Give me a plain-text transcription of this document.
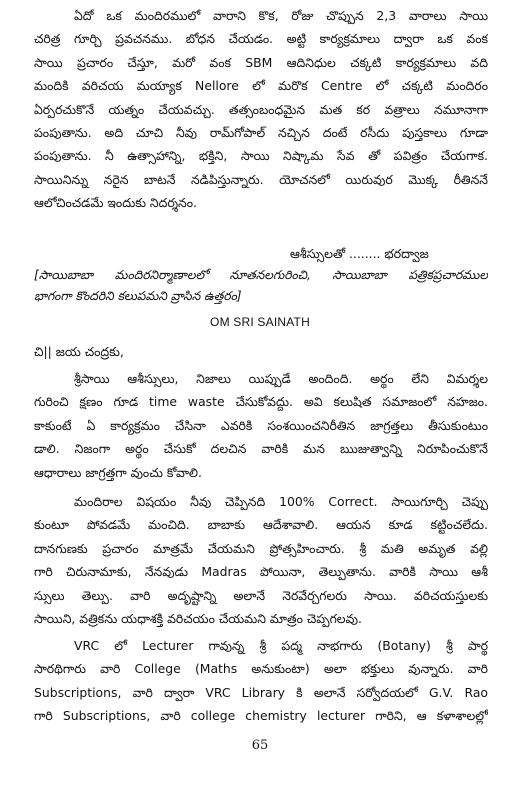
ఏదో ఒక మందిరములో వారాని కొక, రోజు చొప్పున 2,3 వారాలు సాయి
చరిత్ర గూర్చి ప్రవచనము. బోధన చేయడం. అట్టి కార్యక్రమాలు ద్వారా ఒక వంక
సాయి ప్రచారం చేస్తూ, మరో వంక SBM ఆదినిధుల చక్కటి కార్యక్రమాలు వది
మందికి వరిచయ మయ్యాక Nellore లో మరొక Centre లో చక్కటి మందిరం
ఏర్పరచుకొనే యత్నం చేయవచ్చు. తత్సంబంధమైన మత కర వత్రాలు నమూనాగా
పంపుతాను. అది చూచి నీవు రామ్‌గోపాల్ నచ్చిన దంటే రసీదు పుస్తకాలు గూడా
పంపుతాను. నీ ఉత్సాహాన్ని, భక్తిని, సాయి నిష్కామ సేవ తో పవిత్రం చేయగాక.
సాయినిన్ను నరైన బాటనే నడిపిస్తున్నారు. యోచనలో యిరువుర మొక్క రీతిననే
ఆలోచించడమే ఇందుకు నిదర్శనం.
ఆశీస్సులతో ........ భరద్వాజ
[సాయిబాబా మందిరనిర్మాణాలలో నూతనలగురించి, సాయిబాబా పత్రికప్రచారముల
భాగంగా కొందరిని కలుపమని వ్రాసిన ఉత్తరం]
OM SRI SAINATH
చి|| జయ చంద్రకు,
శ్రీసాయి ఆశీస్సులు, నిజాలు యిప్పుడే అందింది. అర్థం లేని విమర్శల
గురించి క్షణం గూడ time waste చేసుకోవద్దు. అవి కలుషిత సమాజంలో నహజం.
కాకుంటే ఏ కార్యక్రమం చేసినా ఎవరికి సంశయించనిరీతిన జాగ్రత్తలు తీసుకుంటుం
డాలి. నిజంగా అర్థం చేసుకో దలచిన వారికి మన ఋజుత్వాన్ని నిరూపించుకొనే
ఆధారాలు జాగ్రత్తగా వుంచు కోవాలి.
మందిరాల విషయం నీవు చెప్పినది 100% Correct. సాయిగూర్చి చెప్పు
కుంటూ పోవడమే మంచిది. బాబాకు ఆదేశావాలి. ఆయన కూడ కట్టించలేదు.
దానగుణకు ప్రచారం మాత్రమే చేయమని ప్రోత్సహించారు. శ్రీ మతి అమృత వల్లి
గారి చిరునామాకు, నేనవుడు Madras పోయినా, తెల్పుతాను. వారికి సాయి ఆశీ
స్సులు తెల్పు. వారి అదృష్టాన్ని అలానే నెరవేర్చగలరు సాయి. వరిచయస్తులకు
సాయిని, వత్రికను యధాశక్తి వరిచయం చేయమని మాత్రం చెప్పగలవు.
VRC లో Lecturer గావున్న శ్రీ పద్మ నాభగారు (Botany) శ్రీ పార్థ
సారథిగారు వారి College (Maths అనుకుంటా) అలా భక్తులు వున్నారు. వారి
Subscriptions, వారి ద్వారా VRC Library కి అలానే సర్వోదయలో G.V. Rao
గారి Subscriptions, వారి college chemistry lecturer గారిని, ఆ కళాశాలల్లో
65
